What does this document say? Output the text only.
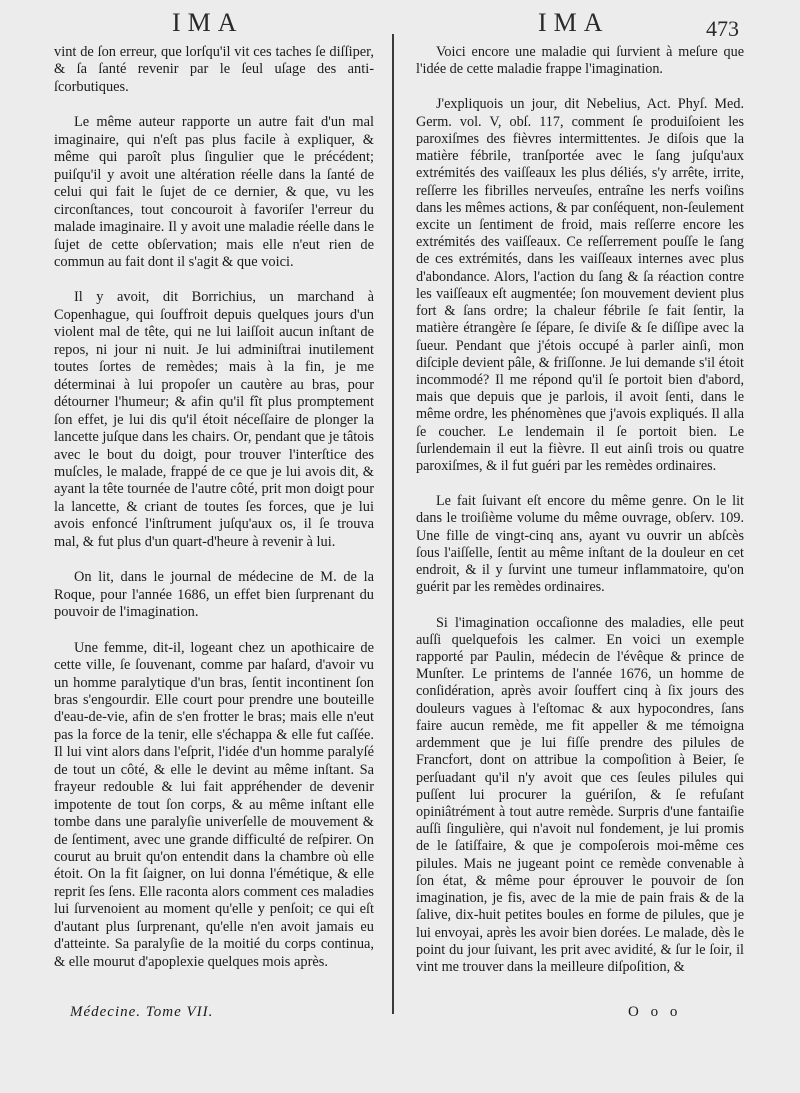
IMA	IMA	473

vint de ſon erreur, que lorſqu'il vit ces taches ſe diſſiper, & ſa ſanté revenir par le ſeul uſage des anti-ſcorbutiques.

Le même auteur rapporte un autre fait d'un mal imaginaire, qui n'eſt pas plus facile à expliquer, & même qui paroît plus ſingulier que le précédent; puiſqu'il y avoit une altération réelle dans la ſanté de celui qui fait le ſujet de ce dernier, & que, vu les circonſtances, tout concouroit à favoriſer l'erreur du malade imaginaire. Il y avoit une maladie réelle dans le ſujet de cette obſervation; mais elle n'eut rien de commun au fait dont il s'agit & que voici.

Il y avoit, dit Borrichius, un marchand à Copenhague, qui ſouffroit depuis quelques jours d'un violent mal de tête, qui ne lui laiſſoit aucun inſtant de repos, ni jour ni nuit. Je lui adminiſtrai inutilement toutes ſortes de remèdes; mais à la fin, je me déterminai à lui propoſer un cautère au bras, pour détourner l'humeur; & afin qu'il fît plus promptement ſon effet, je lui dis qu'il étoit néceſſaire de plonger la lancette juſque dans les chairs. Or, pendant que je tâtois avec le bout du doigt, pour trouver l'interſtice des muſcles, le malade, frappé de ce que je lui avois dit, & ayant la tête tournée de l'autre côté, prit mon doigt pour la lancette, & criant de toutes ſes forces, que je lui avois enfoncé l'inſtrument juſqu'aux os, il ſe trouva mal, & fut plus d'un quart-d'heure à revenir à lui.

On lit, dans le journal de médecine de M. de la Roque, pour l'année 1686, un effet bien ſurprenant du pouvoir de l'imagination.

Une femme, dit-il, logeant chez un apothicaire de cette ville, ſe ſouvenant, comme par haſard, d'avoir vu un homme paralytique d'un bras, ſentit incontinent ſon bras s'engourdir. Elle court pour prendre une bouteille d'eau-de-vie, afin de s'en frotter le bras; mais elle n'eut pas la force de la tenir, elle s'échappa & elle fut caſſée. Il lui vint alors dans l'eſprit, l'idée d'un homme paralyſé de tout un côté, & elle le devint au même inſtant. Sa frayeur redouble & lui fait appréhender de devenir impotente de tout ſon corps, & au même inſtant elle tombe dans une paralyſie univerſelle de mouvement & de ſentiment, avec une grande difficulté de reſpirer. On courut au bruit qu'on entendit dans la chambre où elle étoit. On la fit ſaigner, on lui donna l'émétique, & elle reprit ſes ſens. Elle raconta alors comment ces maladies lui ſurvenoient au moment qu'elle y penſoit; ce qui eſt d'autant plus ſurprenant, qu'elle n'en avoit jamais eu d'atteinte. Sa paralyſie de la moitié du corps continua, & elle mourut d'apoplexie quelques mois après.

Voici encore une maladie qui ſurvient à meſure que l'idée de cette maladie frappe l'imagination.

J'expliquois un jour, dit Nebelius, Act. Phyſ. Med. Germ. vol. V, obſ. 117, comment ſe produiſoient les paroxiſmes des fièvres intermittentes. Je diſois que la matière fébrile, tranſportée avec le ſang juſqu'aux extrémités des vaiſſeaux les plus déliés, s'y arrête, irrite, reſſerre les fibrilles nerveuſes, entraîne les nerfs voiſins dans les mêmes actions, & par conſéquent, non-ſeulement excite un ſentiment de froid, mais reſſerre encore les extrémités des vaiſſeaux. Ce reſſerrement pouſſe le ſang de ces extrémités, dans les vaiſſeaux internes avec plus d'abondance. Alors, l'action du ſang & ſa réaction contre les vaiſſeaux eſt augmentée; ſon mouvement devient plus fort & ſans ordre; la chaleur fébrile ſe fait ſentir, la matière étrangère ſe ſépare, ſe diviſe & ſe diſſipe avec la ſueur. Pendant que j'étois occupé à parler ainſi, mon diſciple devient pâle, & friſſonne. Je lui demande s'il étoit incommodé? Il me répond qu'il ſe portoit bien d'abord, mais que depuis que je parlois, il avoit ſenti, dans le même ordre, les phénomènes que j'avois expliqués. Il alla ſe coucher. Le lendemain il ſe portoit bien. Le ſurlendemain il eut la fièvre. Il eut ainſi trois ou quatre paroxiſmes, & il fut guéri par les remèdes ordinaires.

Le fait ſuivant eſt encore du même genre. On le lit dans le troiſième volume du même ouvrage, obſerv. 109. Une fille de vingt-cinq ans, ayant vu ouvrir un abſcès ſous l'aiſſelle, ſentit au même inſtant de la douleur en cet endroit, & il y ſurvint une tumeur inflammatoire, qu'on guérit par les remèdes ordinaires.

Si l'imagination occaſionne des maladies, elle peut auſſi quelquefois les calmer. En voici un exemple rapporté par Paulin, médecin de l'évêque & prince de Munſter. Le printems de l'année 1676, un homme de conſidération, après avoir ſouffert cinq à ſix jours des douleurs vagues à l'eſtomac & aux hypocondres, ſans faire aucun remède, me fit appeller & me témoigna ardemment que je lui fiſſe prendre des pilules de Francfort, dont on attribue la compoſition à Beier, ſe perſuadant qu'il n'y avoit que ces ſeules pilules qui puſſent lui procurer la guériſon, & ſe refuſant opiniâtrément à tout autre remède. Surpris d'une fantaiſie auſſi ſingulière, qui n'avoit nul fondement, je lui promis de le ſatiſfaire, & que je compoſerois moi-même ces pilules. Mais ne jugeant point ce remède convenable à ſon état, & même pour éprouver le pouvoir de ſon imagination, je fis, avec de la mie de pain frais & de la ſalive, dix-huit petites boules en forme de pilules, que je lui envoyai, après les avoir bien dorées. Le malade, dès le point du jour ſuivant, les prit avec avidité, & ſur le ſoir, il vint me trouver dans la meilleure diſpoſition, &

Médecine. Tome VII.	O o o
